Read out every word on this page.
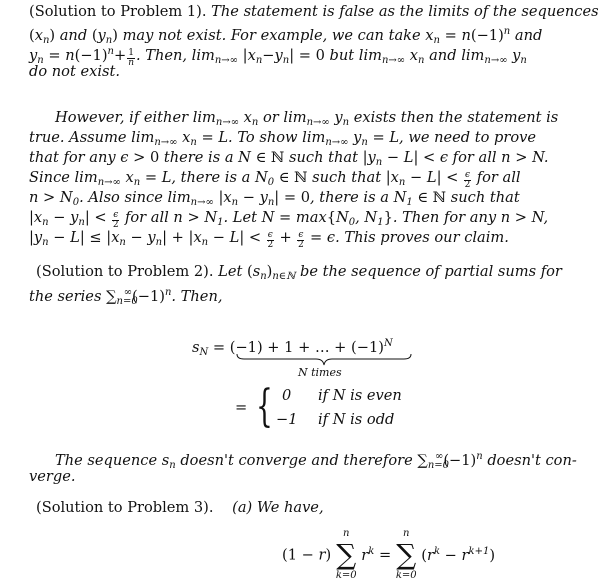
(Solution to Problem 1). The statement is false as the limits of the sequences
$(x_n)$ and $(y_n)$ may not exist. For example, we can take $x_n = n(-1)^n$ and
$y_n = n(-1)^n+ \frac{1}{n}$ . Then, $\lim_{n\to\infty} |x_n-y_n| = 0$ but $\lim_{n\to\infty} x_n$ and $\lim_{n\to\infty} y_n$
do not exist.
However, if either $\lim_{n\to\infty} x_n$ or $\lim_{n\to\infty} y_n$ exists then the statement is
true. Assume $\lim_{n\to\infty} x_n = L$. To show $\lim_{n\to\infty} y_n = L$, we need to prove
that for any ϵ > 0 there is a N ∈ ℕ such that $|y_n - L| < \epsilon$ for all n > N.
Since $\lim_{n\to\infty} x_n = L$, there is a $N_0$ ∈ ℕ such that $|x_n - L| < \frac{\epsilon}{2}$ for all
$n > N_0$. Also since $\lim_{n\to\infty} |x_n - y_n| = 0$, there is a $N_1$ ∈ ℕ such that
$|x_n - y_n| < \frac{\epsilon}{2}$ for all $n > N_1$. Let $N = \max\{N_0$, $N_1$}. Then for any n > N,
$|y_n - L| \le |x_n - y_n| + |x_n - L| < \frac{\epsilon}{2} + \frac{\epsilon}{2} = \epsilon$. This proves our claim.
(Solution to Problem 2). Let $(s_n)_{n\in ℕ}$ be the sequence of partial sums for
the series $\sum_{n=0}^\infty(-1)^n$. Then,
$s_N = (-1) + 1$ + … + $(-1)^N$
N times
= { 0 if N is even
−1 if N is odd
The sequence $s_n$ doesn't converge and therefore $\sum_{n=0}^\infty(-1)^n$ doesn't con-
verge.
(Solution to Problem 3). (a) We have,
(1 − r)
n
∑
k=0
$r^k$ =
n
∑
k=0
$(r^k - r^{k+1})$
